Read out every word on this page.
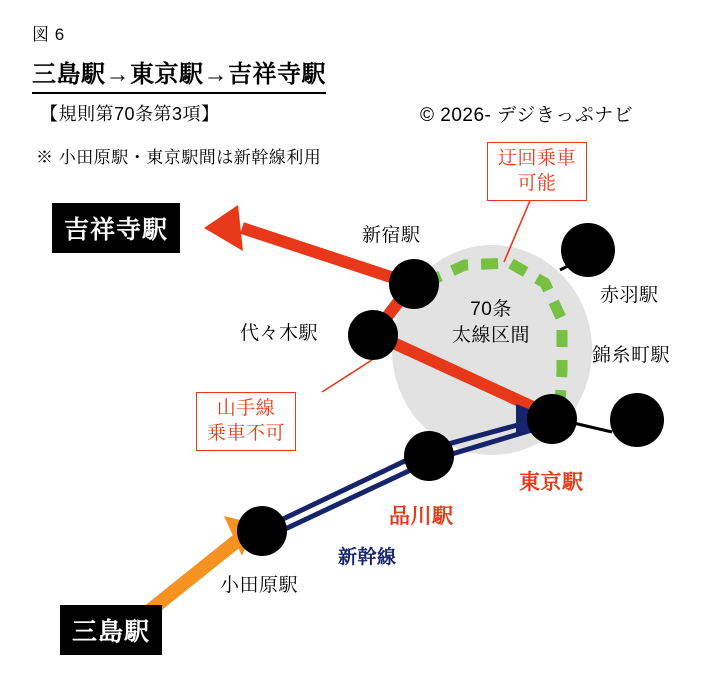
図 6
三島駅→東京駅→吉祥寺駅
【規則第70条第3項】	© 2026- デジきっぷナビ
※ 小田原駅・東京駅間は新幹線利用
吉祥寺駅
三島駅
新宿駅
代々木駅
赤羽駅
錦糸町駅
東京駅
品川駅
小田原駅
新幹線
70条
太線区間
迂回乗車
可能
山手線
乗車不可
